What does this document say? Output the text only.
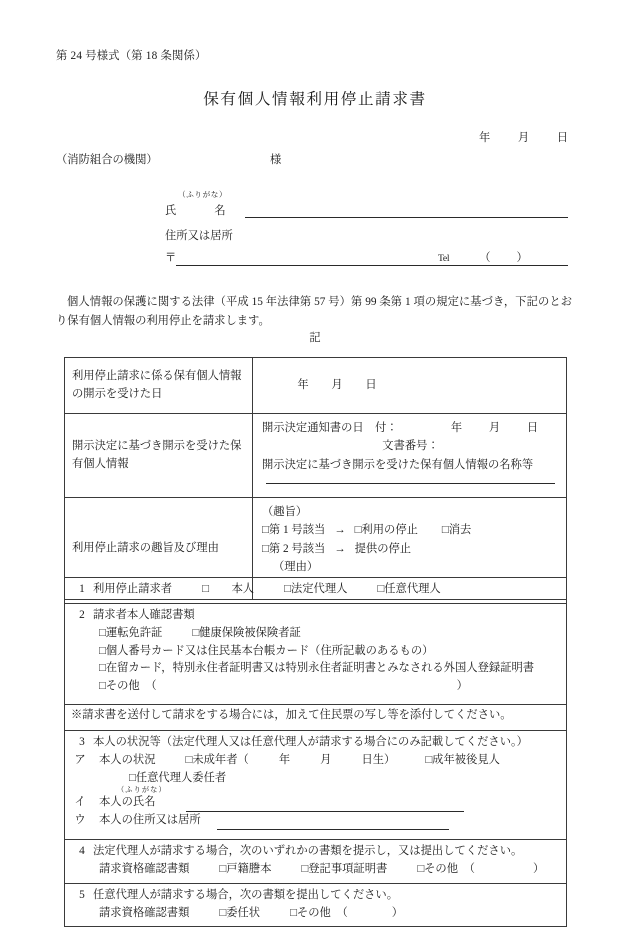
第 24 号様式（第 18 条関係）
保有個人情報利用停止請求書
年 月 日
（消防組合の機関）	様
（ふりがな）
氏	名
住所又は居所
〒	Tel	（ ）
個人情報の保護に関する法律（平成 15 年法律第 57 号）第 99 条第 1 項の規定に基づき，下記のとおり保有個人情報の利用停止を請求します。
記
利用停止請求に係る保有個人情報の開示を受けた日	年 月 日
開示決定に基づき開示を受けた保有個人情報	開示決定通知書の日　付： 年 月 日
文書番号：
開示決定に基づき開示を受けた保有個人情報の名称等

利用停止請求の趣旨及び理由	（趣旨）
□第 1 号該当 → □利用の停止 □消去
□第 2 号該当 → 提供の停止
（理由）
1 利用停止請求者	□　　本人	□法定代理人	□任意代理人

2 請求者本人確認書類
□運転免許証	□健康保険被保険者証
□個人番号カード又は住民基本台帳カード（住所記載のあるもの）
□在留カード，特別永住者証明書又は特別永住者証明書とみなされる外国人登録証明書
□その他　（	）
※請求書を送付して請求をする場合には，加えて住民票の写し等を添付してください。

3 本人の状況等（法定代理人又は任意代理人が請求する場合にのみ記載してください。）
ア 本人の状況	□未成年者（	年	月	日生）	□成年被後見人
□任意代理人委任者
（ふりがな）
イ 本人の氏名
ウ 本人の住所又は居所

4 法定代理人が請求する場合，次のいずれかの書類を提示し，又は提出してください。
請求資格確認書類	□戸籍謄本	□登記事項証明書	□その他　（	）

5 任意代理人が請求する場合，次の書類を提出してください。
請求資格確認書類	□委任状	□その他　（	）
